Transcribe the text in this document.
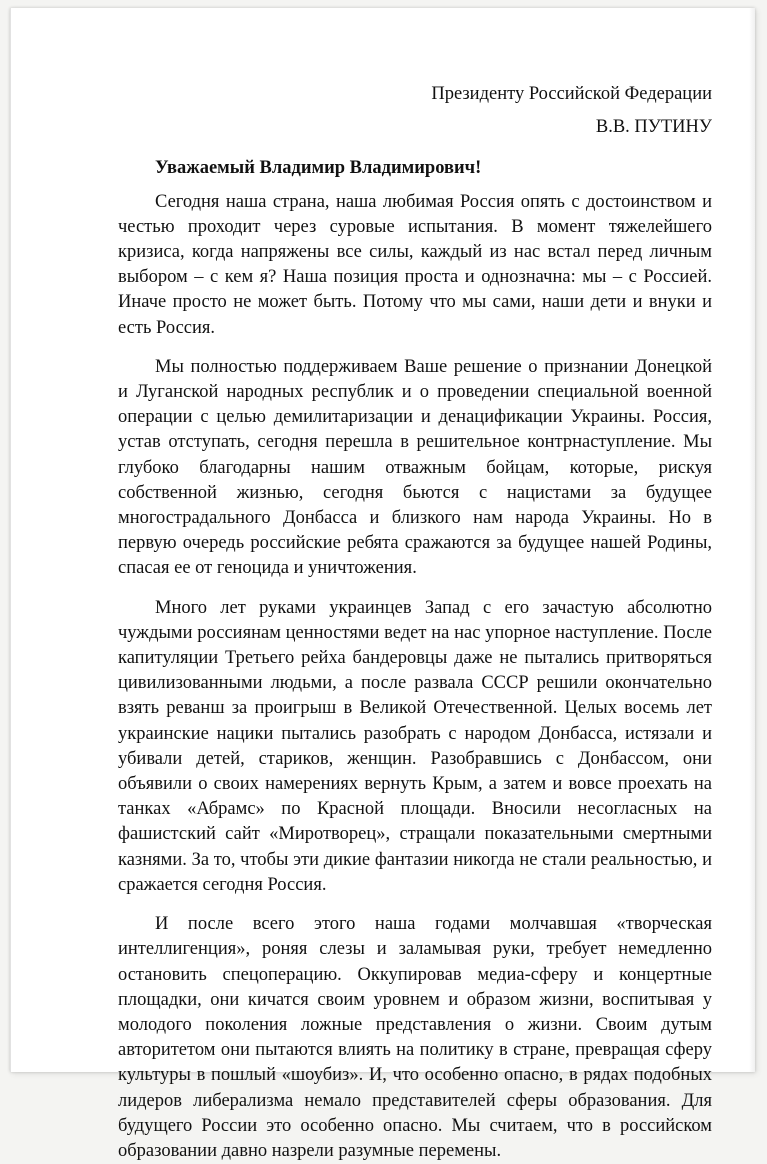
Президенту Российской Федерации

В.В. ПУТИНУ

Уважаемый Владимир Владимирович!

Сегодня наша страна, наша любимая Россия опять с достоинством и честью проходит через суровые испытания. В момент тяжелейшего кризиса, когда напряжены все силы, каждый из нас встал перед личным выбором – с кем я? Наша позиция проста и однозначна: мы – с Россией. Иначе просто не может быть. Потому что мы сами, наши дети и внуки и есть Россия.

Мы полностью поддерживаем Ваше решение о признании Донецкой и Луганской народных республик и о проведении специальной военной операции с целью демилитаризации и денацификации Украины. Россия, устав отступать, сегодня перешла в решительное контрнаступление. Мы глубоко благодарны нашим отважным бойцам, которые, рискуя собственной жизнью, сегодня бьются с нацистами за будущее многострадального Донбасса и близкого нам народа Украины. Но в первую очередь российские ребята сражаются за будущее нашей Родины, спасая ее от геноцида и уничтожения.

Много лет руками украинцев Запад с его зачастую абсолютно чуждыми россиянам ценностями ведет на нас упорное наступление. После капитуляции Третьего рейха бандеровцы даже не пытались притворяться цивилизованными людьми, а после развала СССР решили окончательно взять реванш за проигрыш в Великой Отечественной. Целых восемь лет украинские нацики пытались разобрать с народом Донбасса, истязали и убивали детей, стариков, женщин. Разобравшись с Донбассом, они объявили о своих намерениях вернуть Крым, а затем и вовсе проехать на танках «Абрамс» по Красной площади. Вносили несогласных на фашистский сайт «Миротворец», стращали показательными смертными казнями. За то, чтобы эти дикие фантазии никогда не стали реальностью, и сражается сегодня Россия.

И после всего этого наша годами молчавшая «творческая интеллигенция», роняя слезы и заламывая руки, требует немедленно остановить спецоперацию. Оккупировав медиа-сферу и концертные площадки, они кичатся своим уровнем и образом жизни, воспитывая у молодого поколения ложные представления о жизни. Своим дутым авторитетом они пытаются влиять на политику в стране, превращая сферу культуры в пошлый «шоубиз». И, что особенно опасно, в рядах подобных лидеров либерализма немало представителей сферы образования. Для будущего России это особенно опасно. Мы считаем, что в российском образовании давно назрели разумные перемены.
